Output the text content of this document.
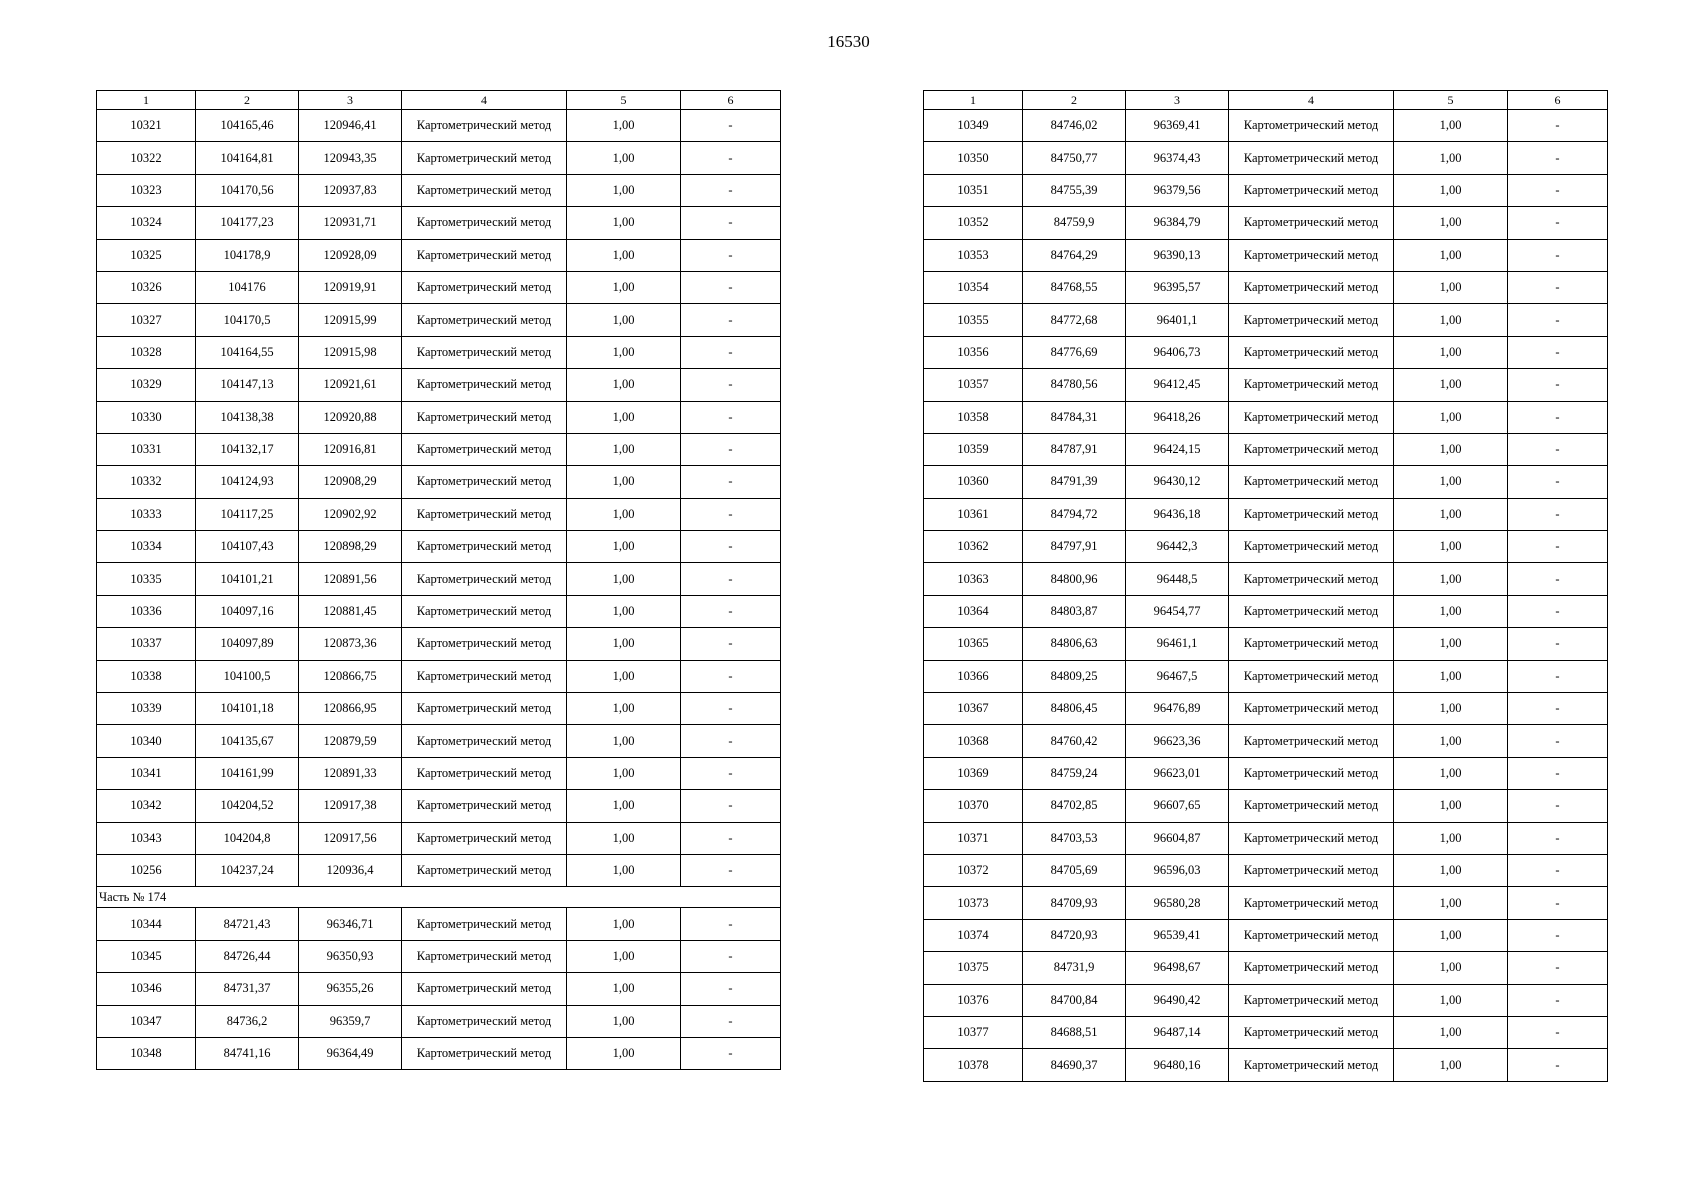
16530
1	2	3	4	5	6
10321	104165,46	120946,41	Картометрический метод	1,00	-
10322	104164,81	120943,35	Картометрический метод	1,00	-
10323	104170,56	120937,83	Картометрический метод	1,00	-
10324	104177,23	120931,71	Картометрический метод	1,00	-
10325	104178,9	120928,09	Картометрический метод	1,00	-
10326	104176	120919,91	Картометрический метод	1,00	-
10327	104170,5	120915,99	Картометрический метод	1,00	-
10328	104164,55	120915,98	Картометрический метод	1,00	-
10329	104147,13	120921,61	Картометрический метод	1,00	-
10330	104138,38	120920,88	Картометрический метод	1,00	-
10331	104132,17	120916,81	Картометрический метод	1,00	-
10332	104124,93	120908,29	Картометрический метод	1,00	-
10333	104117,25	120902,92	Картометрический метод	1,00	-
10334	104107,43	120898,29	Картометрический метод	1,00	-
10335	104101,21	120891,56	Картометрический метод	1,00	-
10336	104097,16	120881,45	Картометрический метод	1,00	-
10337	104097,89	120873,36	Картометрический метод	1,00	-
10338	104100,5	120866,75	Картометрический метод	1,00	-
10339	104101,18	120866,95	Картометрический метод	1,00	-
10340	104135,67	120879,59	Картометрический метод	1,00	-
10341	104161,99	120891,33	Картометрический метод	1,00	-
10342	104204,52	120917,38	Картометрический метод	1,00	-
10343	104204,8	120917,56	Картометрический метод	1,00	-
10256	104237,24	120936,4	Картометрический метод	1,00	-
Часть № 174					
10344	84721,43	96346,71	Картометрический метод	1,00	-
10345	84726,44	96350,93	Картометрический метод	1,00	-
10346	84731,37	96355,26	Картометрический метод	1,00	-
10347	84736,2	96359,7	Картометрический метод	1,00	-
10348	84741,16	96364,49	Картометрический метод	1,00	-
1	2	3	4	5	6
10349	84746,02	96369,41	Картометрический метод	1,00	-
10350	84750,77	96374,43	Картометрический метод	1,00	-
10351	84755,39	96379,56	Картометрический метод	1,00	-
10352	84759,9	96384,79	Картометрический метод	1,00	-
10353	84764,29	96390,13	Картометрический метод	1,00	-
10354	84768,55	96395,57	Картометрический метод	1,00	-
10355	84772,68	96401,1	Картометрический метод	1,00	-
10356	84776,69	96406,73	Картометрический метод	1,00	-
10357	84780,56	96412,45	Картометрический метод	1,00	-
10358	84784,31	96418,26	Картометрический метод	1,00	-
10359	84787,91	96424,15	Картометрический метод	1,00	-
10360	84791,39	96430,12	Картометрический метод	1,00	-
10361	84794,72	96436,18	Картометрический метод	1,00	-
10362	84797,91	96442,3	Картометрический метод	1,00	-
10363	84800,96	96448,5	Картометрический метод	1,00	-
10364	84803,87	96454,77	Картометрический метод	1,00	-
10365	84806,63	96461,1	Картометрический метод	1,00	-
10366	84809,25	96467,5	Картометрический метод	1,00	-
10367	84806,45	96476,89	Картометрический метод	1,00	-
10368	84760,42	96623,36	Картометрический метод	1,00	-
10369	84759,24	96623,01	Картометрический метод	1,00	-
10370	84702,85	96607,65	Картометрический метод	1,00	-
10371	84703,53	96604,87	Картометрический метод	1,00	-
10372	84705,69	96596,03	Картометрический метод	1,00	-
10373	84709,93	96580,28	Картометрический метод	1,00	-
10374	84720,93	96539,41	Картометрический метод	1,00	-
10375	84731,9	96498,67	Картометрический метод	1,00	-
10376	84700,84	96490,42	Картометрический метод	1,00	-
10377	84688,51	96487,14	Картометрический метод	1,00	-
10378	84690,37	96480,16	Картометрический метод	1,00	-
